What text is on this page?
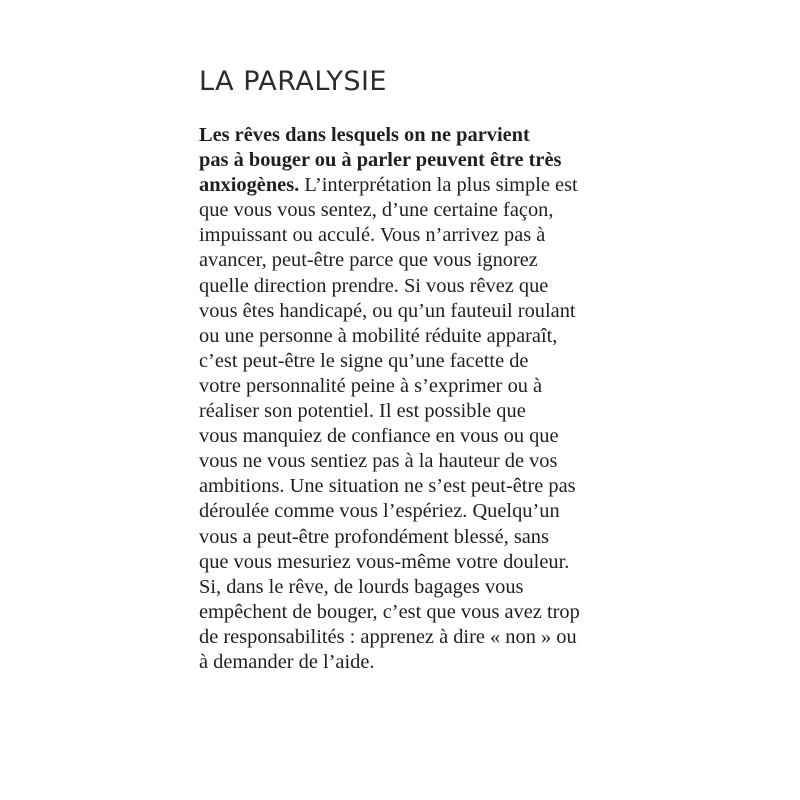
LA PARALYSIE
Les rêves dans lesquels on ne parvient
pas à bouger ou à parler peuvent être très
anxiogènes. L’interprétation la plus simple est
que vous vous sentez, d’une certaine façon,
impuissant ou acculé. Vous n’arrivez pas à
avancer, peut-être parce que vous ignorez
quelle direction prendre. Si vous rêvez que
vous êtes handicapé, ou qu’un fauteuil roulant
ou une personne à mobilité réduite apparaît,
c’est peut-être le signe qu’une facette de
votre personnalité peine à s’exprimer ou à
réaliser son potentiel. Il est possible que
vous manquiez de confiance en vous ou que
vous ne vous sentiez pas à la hauteur de vos
ambitions. Une situation ne s’est peut-être pas
déroulée comme vous l’espériez. Quelqu’un
vous a peut-être profondément blessé, sans
que vous mesuriez vous-même votre douleur.
Si, dans le rêve, de lourds bagages vous
empêchent de bouger, c’est que vous avez trop
de responsabilités : apprenez à dire « non » ou
à demander de l’aide.
